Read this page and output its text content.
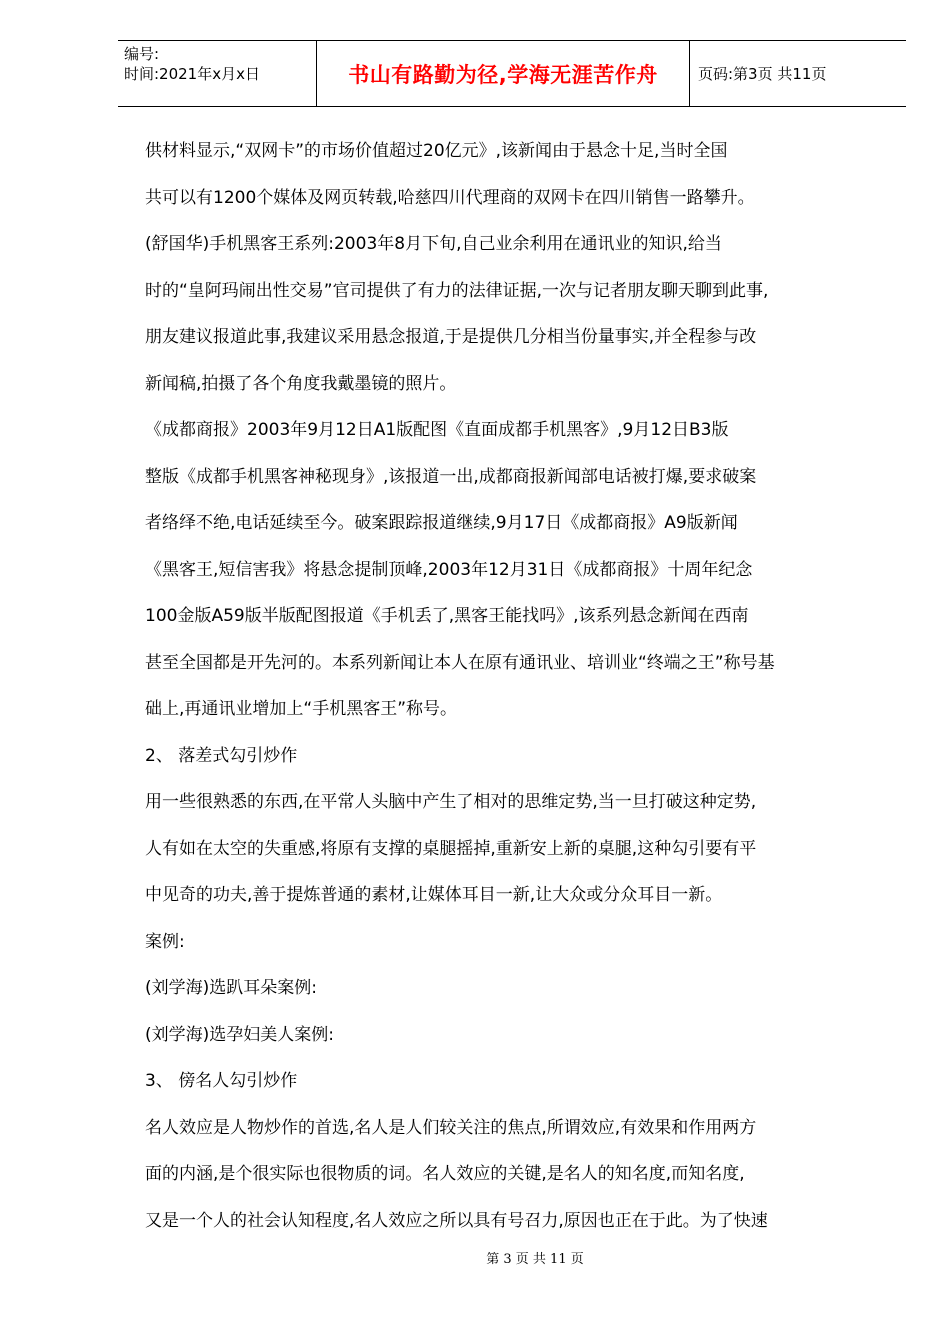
编号:
时间:2021年x月x日	书山有路勤为径,学海无涯苦作舟	页码:第3页 共11页
供材料显示,“双网卡”的市场价值超过20亿元》,该新闻由于悬念十足,当时全国
共可以有1200个媒体及网页转载,哈慈四川代理商的双网卡在四川销售一路攀升。
(舒国华)手机黑客王系列:2003年8月下旬,自己业余利用在通讯业的知识,给当
时的“皇阿玛闹出性交易”官司提供了有力的法律证据,一次与记者朋友聊天聊到此事,
朋友建议报道此事,我建议采用悬念报道,于是提供几分相当份量事实,并全程参与改
新闻稿,拍摄了各个角度我戴墨镜的照片。
《成都商报》2003年9月12日A1版配图《直面成都手机黑客》,9月12日B3版
整版《成都手机黑客神秘现身》,该报道一出,成都商报新闻部电话被打爆,要求破案
者络绎不绝,电话延续至今。破案跟踪报道继续,9月17日《成都商报》A9版新闻
《黑客王,短信害我》将悬念提制顶峰,2003年12月31日《成都商报》十周年纪念
100金版A59版半版配图报道《手机丢了,黑客王能找吗》,该系列悬念新闻在西南
甚至全国都是开先河的。本系列新闻让本人在原有通讯业、培训业“终端之王”称号基
础上,再通讯业增加上“手机黑客王”称号。
2、 落差式勾引炒作
用一些很熟悉的东西,在平常人头脑中产生了相对的思维定势,当一旦打破这种定势,
人有如在太空的失重感,将原有支撑的桌腿摇掉,重新安上新的桌腿,这种勾引要有平
中见奇的功夫,善于提炼普通的素材,让媒体耳目一新,让大众或分众耳目一新。
案例:
(刘学海)选趴耳朵案例:
(刘学海)选孕妇美人案例:
3、 傍名人勾引炒作
名人效应是人物炒作的首选,名人是人们较关注的焦点,所谓效应,有效果和作用两方
面的内涵,是个很实际也很物质的词。名人效应的关键,是名人的知名度,而知名度,
又是一个人的社会认知程度,名人效应之所以具有号召力,原因也正在于此。为了快速
第 3 页 共 11 页
